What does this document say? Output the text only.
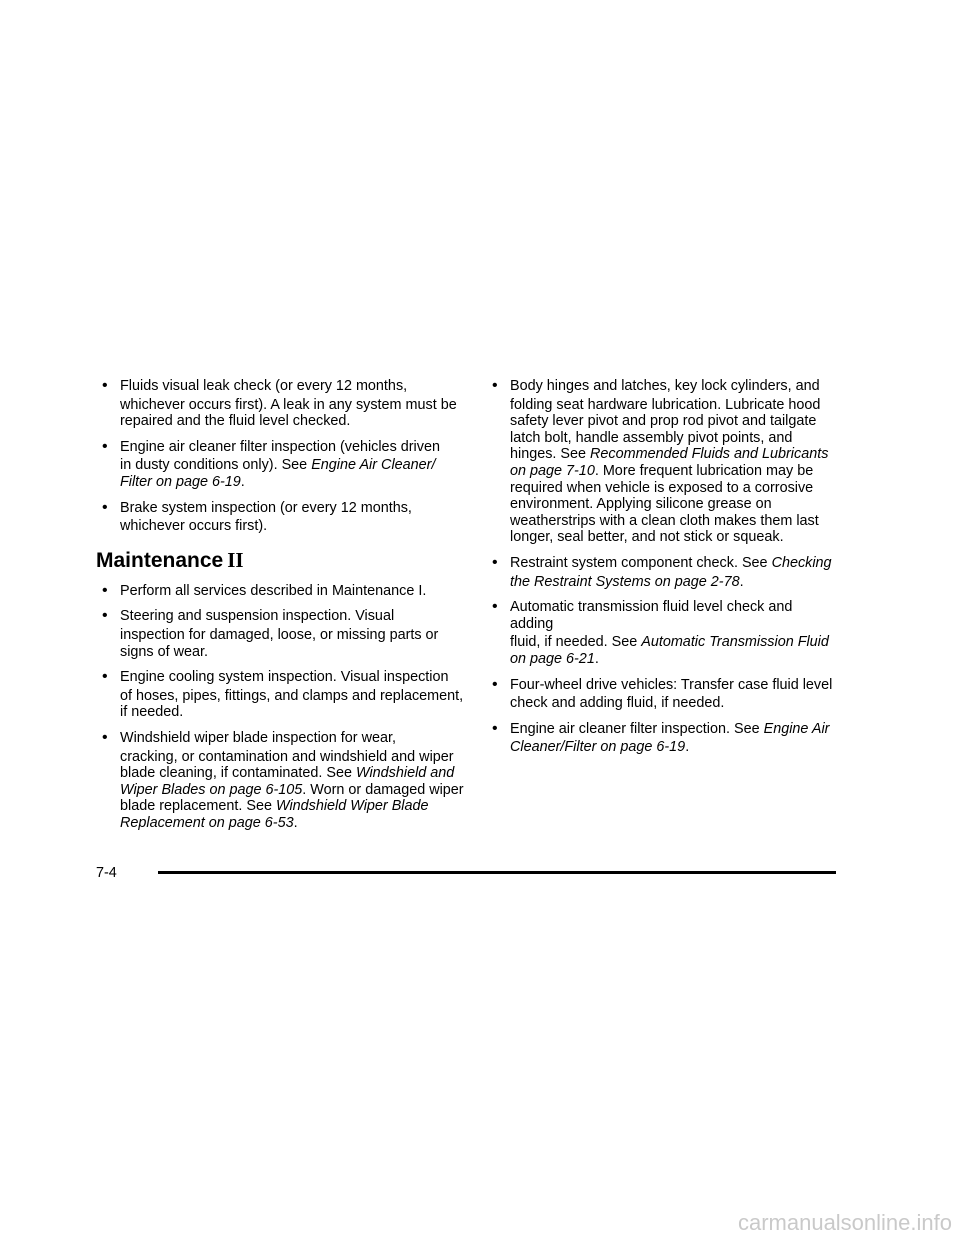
• Fluids visual leak check (or every 12 months,
whichever occurs first). A leak in any system must be repaired and the fluid level checked.
• Engine air cleaner filter inspection (vehicles driven
in dusty conditions only). See Engine Air Cleaner/ Filter on page 6-19.
• Brake system inspection (or every 12 months,
whichever occurs first).
Maintenance II
• Perform all services described in Maintenance I.
• Steering and suspension inspection. Visual
inspection for damaged, loose, or missing parts or signs of wear.
• Engine cooling system inspection. Visual inspection
of hoses, pipes, fittings, and clamps and replacement, if needed.
• Windshield wiper blade inspection for wear,
cracking, or contamination and windshield and wiper blade cleaning, if contaminated. See Windshield and Wiper Blades on page 6-105. Worn or damaged wiper blade replacement. See Windshield Wiper Blade Replacement on page 6-53.
• Body hinges and latches, key lock cylinders, and
folding seat hardware lubrication. Lubricate hood safety lever pivot and prop rod pivot and tailgate latch bolt, handle assembly pivot points, and hinges. See Recommended Fluids and Lubricants on page 7-10. More frequent lubrication may be required when vehicle is exposed to a corrosive environment. Applying silicone grease on weatherstrips with a clean cloth makes them last longer, seal better, and not stick or squeak.
• Restraint system component check. See Checking
the Restraint Systems on page 2-78.
• Automatic transmission fluid level check and adding
fluid, if needed. See Automatic Transmission Fluid on page 6-21.
• Four-wheel drive vehicles: Transfer case fluid level
check and adding fluid, if needed.
• Engine air cleaner filter inspection. See Engine Air
Cleaner/Filter on page 6-19.
7-4
carmanualsonline.info
